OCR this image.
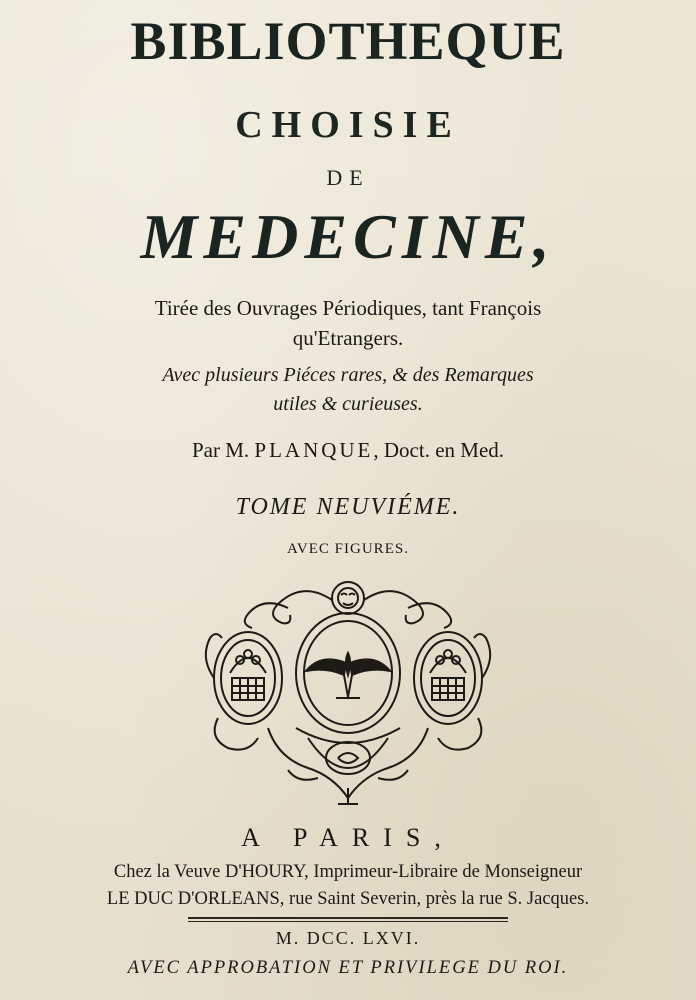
BIBLIOTHEQUE
CHOISIE
DE
MEDECINE,
Tirée des Ouvrages Périodiques, tant François
qu'Etrangers.
Avec plusieurs Piéces rares, & des Remarques
utiles & curieuses.
Par M. PLANQUE, Doct. en Med.
TOME NEUVIÉME.
AVEC FIGURES.
A PARIS,
Chez la Veuve D'HOURY, Imprimeur-Libraire de Monseigneur
LE DUC D'ORLEANS, rue Saint Severin, près la rue S. Jacques.
M. DCC. LXVI.
AVEC APPROBATION ET PRIVILEGE DU ROI.
